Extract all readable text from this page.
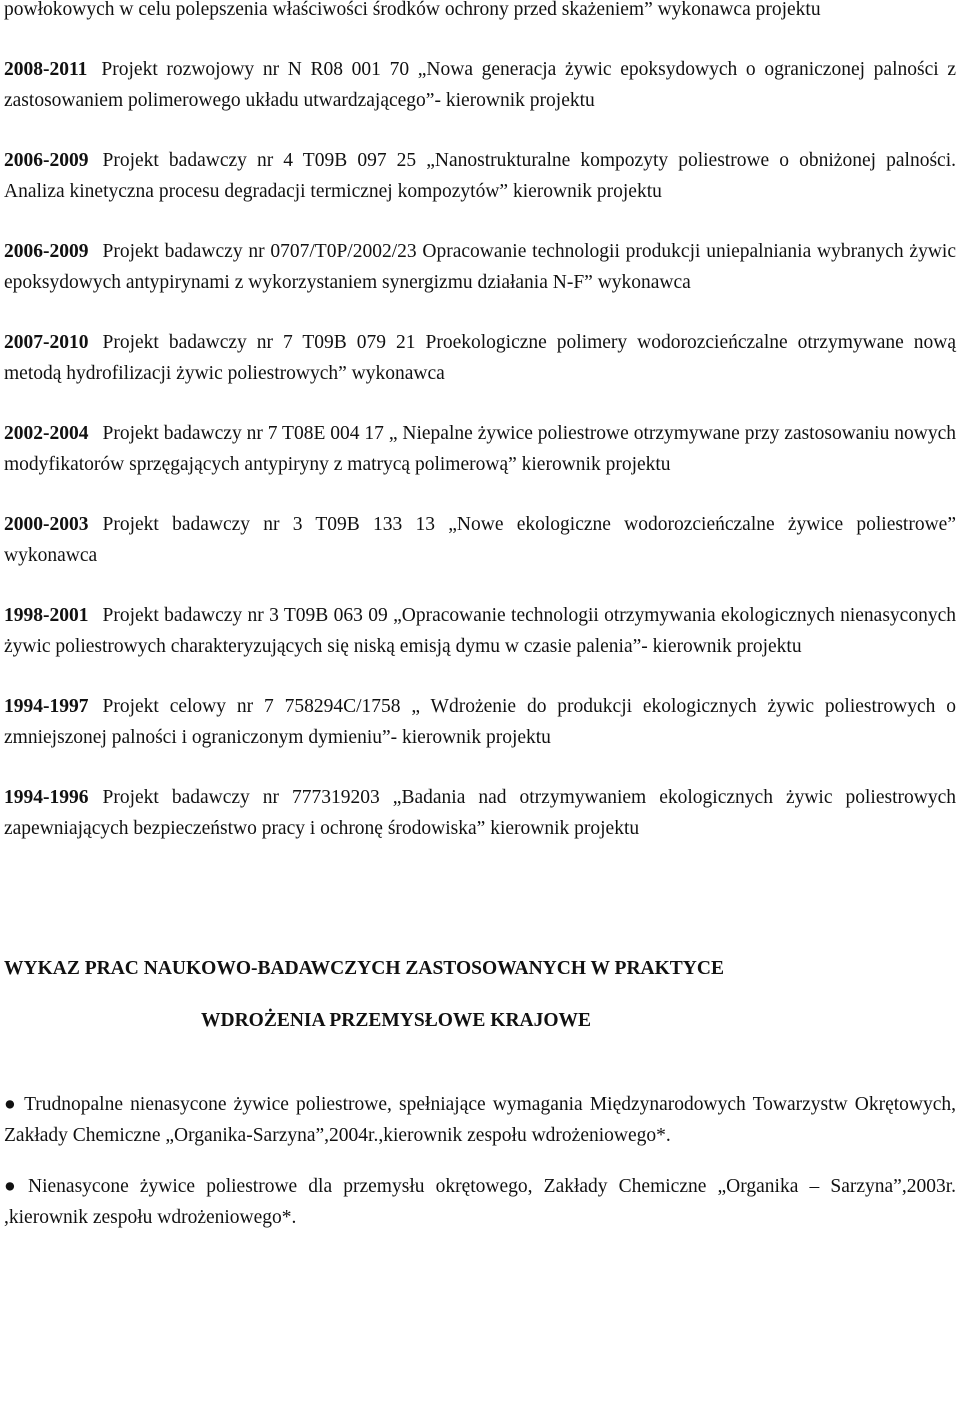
powłokowych w celu polepszenia właściwości środków ochrony przed skażeniem” wykonawca projektu

2008-2011 Projekt rozwojowy nr N R08 001 70 „Nowa generacja żywic epoksydowych o ograniczonej palności z zastosowaniem polimerowego układu utwardzającego”- kierownik projektu

2006-2009 Projekt badawczy nr 4 T09B 097 25 „Nanostrukturalne kompozyty poliestrowe o obniżonej palności. Analiza kinetyczna procesu degradacji termicznej kompozytów” kierownik projektu

2006-2009 Projekt badawczy nr 0707/T0P/2002/23 Opracowanie technologii produkcji uniepalniania wybranych żywic epoksydowych antypirynami z wykorzystaniem synergizmu działania N-F” wykonawca

2007-2010 Projekt badawczy nr 7 T09B 079 21 Proekologiczne polimery wodorozcieńczalne otrzymywane nową metodą hydrofilizacji żywic poliestrowych” wykonawca

2002-2004 Projekt badawczy nr 7 T08E 004 17 „ Niepalne żywice poliestrowe otrzymywane przy zastosowaniu nowych modyfikatorów sprzęgających antypiryny z matrycą polimerową” kierownik projektu

2000-2003 Projekt badawczy nr 3 T09B 133 13 „Nowe ekologiczne wodorozcieńczalne żywice poliestrowe” wykonawca

1998-2001 Projekt badawczy nr 3 T09B 063 09 „Opracowanie technologii otrzymywania ekologicznych nienasyconych żywic poliestrowych charakteryzujących się niską emisją dymu w czasie palenia”- kierownik projektu

1994-1997 Projekt celowy nr 7 758294C/1758 „ Wdrożenie do produkcji ekologicznych żywic poliestrowych o zmniejszonej palności i ograniczonym dymieniu”- kierownik projektu

1994-1996 Projekt badawczy nr 777319203 „Badania nad otrzymywaniem ekologicznych żywic poliestrowych zapewniających bezpieczeństwo pracy i ochronę środowiska” kierownik projektu

WYKAZ PRAC NAUKOWO-BADAWCZYCH ZASTOSOWANYCH W PRAKTYCE

WDROŻENIA PRZEMYSŁOWE KRAJOWE

● Trudnopalne nienasycone żywice poliestrowe, spełniające wymagania Międzynarodowych Towarzystw Okrętowych, Zakłady Chemiczne „Organika-Sarzyna”,2004r.,kierownik zespołu wdrożeniowego*.

● Nienasycone żywice poliestrowe dla przemysłu okrętowego, Zakłady Chemiczne „Organika – Sarzyna”,2003r. ,kierownik zespołu wdrożeniowego*.
